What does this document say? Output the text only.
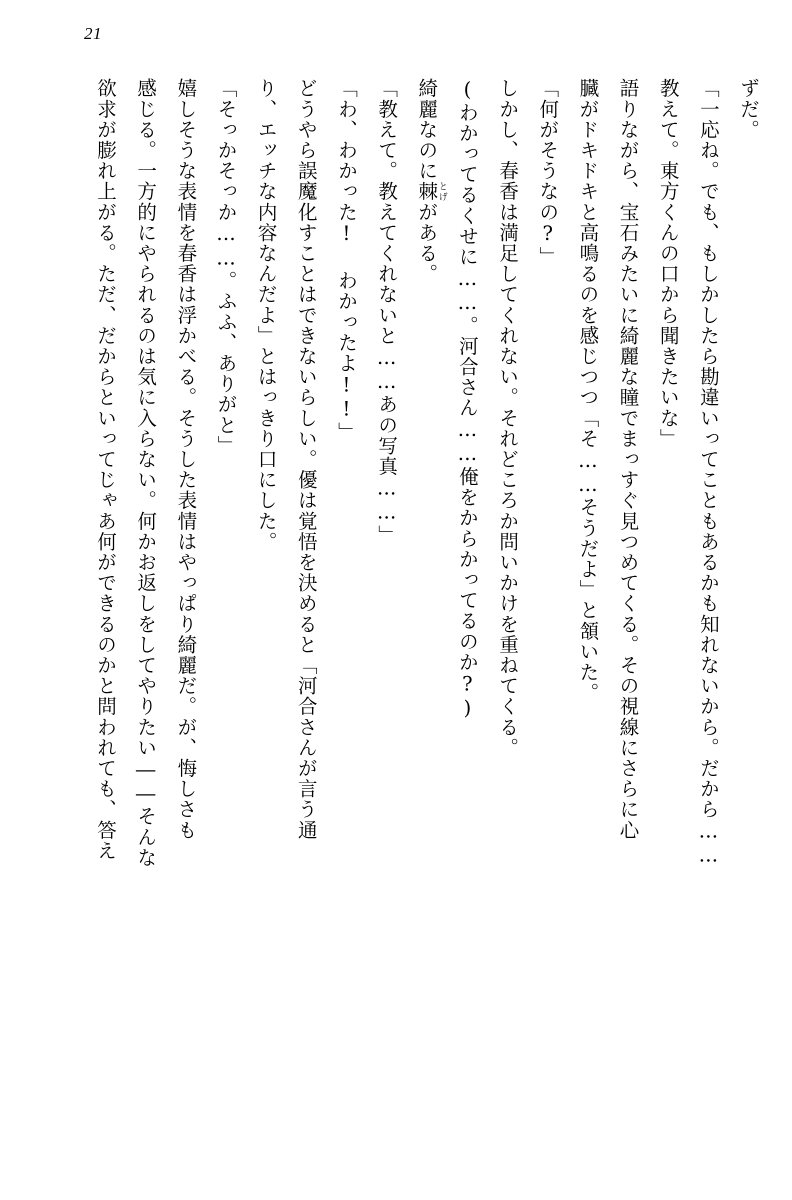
21

ずだ。

「一応ね。でも、もしかしたら勘違いってこともあるかも知れないから。だから……

教えて。東方くんの口から聞きたいな」

語りながら、宝石みたいに綺麗な瞳でまっすぐ見つめてくる。その視線にさらに心

臓がドキドキと高鳴るのを感じつつ「そ……そうだよ」と頷いた。

「何がそうなの?」

しかし、春香は満足してくれない。それどころか問いかけを重ねてくる。

(わかってるくせに……。河合さん……俺をからかってるのか?)

綺麗なのに棘とげがある。

「教えて。教えてくれないと……あの写真……」

「わ、わかった! わかったよ!!」

どうやら誤魔化すことはできないらしい。優は覚悟を決めると「河合さんが言う通

り、エッチな内容なんだよ」とはっきり口にした。

「そっかそっか……。ふふ、ありがと」

嬉しそうな表情を春香は浮かべる。そうした表情はやっぱり綺麗だ。が、悔しさも

感じる。一方的にやられるのは気に入らない。何かお返しをしてやりたい――そんな

欲求が膨れ上がる。ただ、だからといってじゃあ何ができるのかと問われても、答え
